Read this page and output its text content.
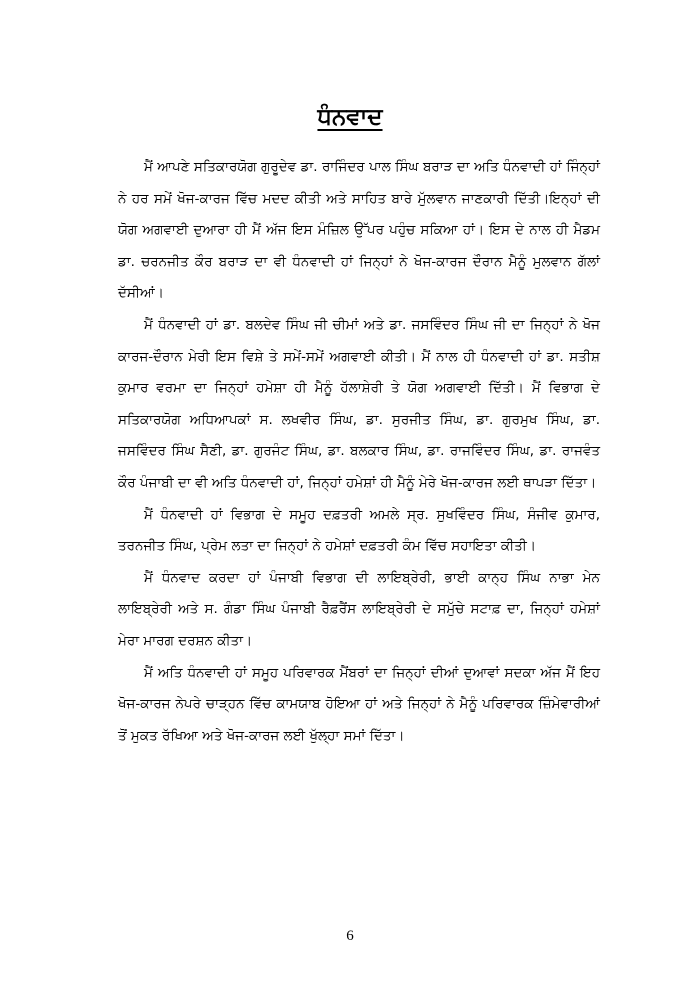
ਧੰਨਵਾਦ

ਮੈਂ ਆਪਣੇ ਸਤਿਕਾਰਯੋਗ ਗੁਰੂਦੇਵ ਡਾ. ਰਾਜਿੰਦਰ ਪਾਲ ਸਿੰਘ ਬਰਾੜ ਦਾ ਅਤਿ ਧੰਨਵਾਦੀ ਹਾਂ ਜਿੰਨ੍ਹਾਂ ਨੇ ਹਰ ਸਮੇਂ ਖੋਜ-ਕਾਰਜ ਵਿੱਚ ਮਦਦ ਕੀਤੀ ਅਤੇ ਸਾਹਿਤ ਬਾਰੇ ਮੁੱਲਵਾਨ ਜਾਣਕਾਰੀ ਦਿੱਤੀ।ਇਨ੍ਹਾਂ ਦੀ ਯੋਗ ਅਗਵਾਈ ਦੁਆਰਾ ਹੀ ਮੈਂ ਅੱਜ ਇਸ ਮੰਜ਼ਿਲ ਉੱਪਰ ਪਹੁੰਚ ਸਕਿਆ ਹਾਂ। ਇਸ ਦੇ ਨਾਲ ਹੀ ਮੈਡਮ ਡਾ. ਚਰਨਜੀਤ ਕੌਰ ਬਰਾੜ ਦਾ ਵੀ ਧੰਨਵਾਦੀ ਹਾਂ ਜਿਨ੍ਹਾਂ ਨੇ ਖੋਜ-ਕਾਰਜ ਦੌਰਾਨ ਮੈਨੂੰ ਮੁਲਵਾਨ ਗੱਲਾਂ ਦੱਸੀਆਂ।

ਮੈਂ ਧੰਨਵਾਦੀ ਹਾਂ ਡਾ. ਬਲਦੇਵ ਸਿੰਘ ਜੀ ਚੀਮਾਂ ਅਤੇ ਡਾ. ਜਸਵਿੰਦਰ ਸਿੰਘ ਜੀ ਦਾ ਜਿਨ੍ਹਾਂ ਨੇ ਖੋਜ ਕਾਰਜ-ਦੌਰਾਨ ਮੇਰੀ ਇਸ ਵਿਸ਼ੇ ਤੇ ਸਮੇਂ-ਸਮੇਂ ਅਗਵਾਈ ਕੀਤੀ। ਮੈਂ ਨਾਲ ਹੀ ਧੰਨਵਾਦੀ ਹਾਂ ਡਾ. ਸਤੀਸ਼ ਕੁਮਾਰ ਵਰਮਾ ਦਾ ਜਿਨ੍ਹਾਂ ਹਮੇਸ਼ਾ ਹੀ ਮੈਨੂੰ ਹੱਲਾਸ਼ੇਰੀ ਤੇ ਯੋਗ ਅਗਵਾਈ ਦਿੱਤੀ। ਮੈਂ ਵਿਭਾਗ ਦੇ ਸਤਿਕਾਰਯੋਗ ਅਧਿਆਪਕਾਂ ਸ. ਲਖਵੀਰ ਸਿੰਘ, ਡਾ. ਸੁਰਜੀਤ ਸਿੰਘ, ਡਾ. ਗੁਰਮੁਖ ਸਿੰਘ, ਡਾ. ਜਸਵਿੰਦਰ ਸਿੰਘ ਸੈਣੀ, ਡਾ. ਗੁਰਜੰਟ ਸਿੰਘ, ਡਾ. ਬਲਕਾਰ ਸਿੰਘ, ਡਾ. ਰਾਜਵਿੰਦਰ ਸਿੰਘ, ਡਾ. ਰਾਜਵੰਤ ਕੌਰ ਪੰਜਾਬੀ ਦਾ ਵੀ ਅਤਿ ਧੰਨਵਾਦੀ ਹਾਂ, ਜਿਨ੍ਹਾਂ ਹਮੇਸ਼ਾਂ ਹੀ ਮੈਨੂੰ ਮੇਰੇ ਖੋਜ-ਕਾਰਜ ਲਈ ਥਾਪੜਾ ਦਿੱਤਾ।

ਮੈਂ ਧੰਨਵਾਦੀ ਹਾਂ ਵਿਭਾਗ ਦੇ ਸਮੂਹ ਦਫ਼ਤਰੀ ਅਮਲੇ ਸ੍ਰ. ਸੁਖਵਿੰਦਰ ਸਿੰਘ, ਸੰਜੀਵ ਕੁਮਾਰ, ਤਰਨਜੀਤ ਸਿੰਘ, ਪ੍ਰੇਮ ਲਤਾ ਦਾ ਜਿਨ੍ਹਾਂ ਨੇ ਹਮੇਸ਼ਾਂ ਦਫ਼ਤਰੀ ਕੰਮ ਵਿੱਚ ਸਹਾਇਤਾ ਕੀਤੀ।

ਮੈਂ ਧੰਨਵਾਦ ਕਰਦਾ ਹਾਂ ਪੰਜਾਬੀ ਵਿਭਾਗ ਦੀ ਲਾਇਬ੍ਰੇਰੀ, ਭਾਈ ਕਾਨ੍ਹ ਸਿੰਘ ਨਾਭਾ ਮੇਨ ਲਾਇਬ੍ਰੇਰੀ ਅਤੇ ਸ. ਗੰਡਾ ਸਿੰਘ ਪੰਜਾਬੀ ਰੈਫ਼ਰੈਂਸ ਲਾਇਬ੍ਰੇਰੀ ਦੇ ਸਮੁੱਚੇ ਸਟਾਫ਼ ਦਾ, ਜਿਨ੍ਹਾਂ ਹਮੇਸ਼ਾਂ ਮੇਰਾ ਮਾਰਗ ਦਰਸ਼ਨ ਕੀਤਾ।

ਮੈਂ ਅਤਿ ਧੰਨਵਾਦੀ ਹਾਂ ਸਮੂਹ ਪਰਿਵਾਰਕ ਮੈਂਬਰਾਂ ਦਾ ਜਿਨ੍ਹਾਂ ਦੀਆਂ ਦੁਆਵਾਂ ਸਦਕਾ ਅੱਜ ਮੈਂ ਇਹ ਖੋਜ-ਕਾਰਜ ਨੇਪਰੇ ਚਾੜ੍ਹਨ ਵਿੱਚ ਕਾਮਯਾਬ ਹੋਇਆ ਹਾਂ ਅਤੇ ਜਿਨ੍ਹਾਂ ਨੇ ਮੈਨੂੰ ਪਰਿਵਾਰਕ ਜ਼ਿੰਮੇਵਾਰੀਆਂ ਤੋਂ ਮੁਕਤ ਰੱਖਿਆ ਅਤੇ ਖੋਜ-ਕਾਰਜ ਲਈ ਖੁੱਲ੍ਹਾ ਸਮਾਂ ਦਿੱਤਾ।

6
